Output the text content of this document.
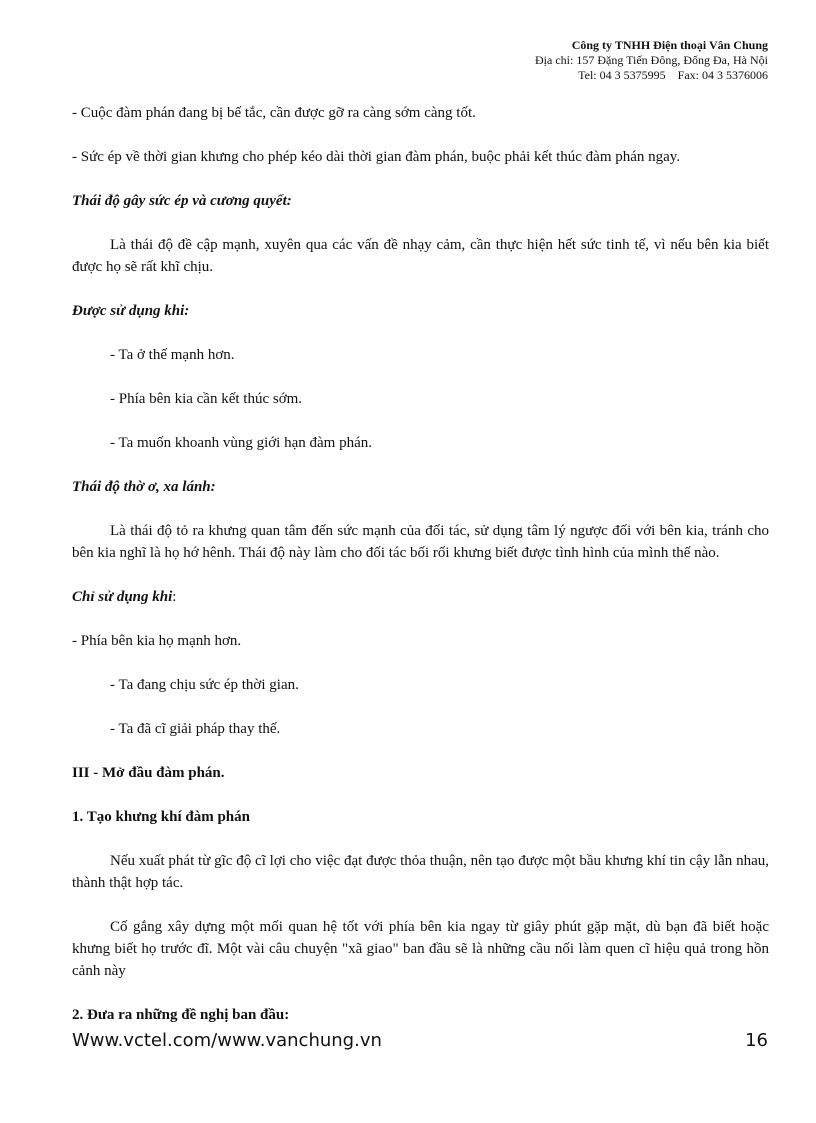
Công ty TNHH Điện thoại Vân Chung
Địa chỉ: 157 Đặng Tiến Đông, Đống Đa, Hà Nội
Tel: 04 3 5375995 Fax: 04 3 5376006

- Cuộc đàm phán đang bị bế tắc, cần được gỡ ra càng sớm càng tốt.

- Sức ép về thời gian khưng cho phép kéo dài thời gian đàm phán, buộc phải kết thúc đàm phán ngay.

Thái độ gây sức ép và cương quyết:

Là thái độ đề cập mạnh, xuyên qua các vấn đề nhạy cảm, cần thực hiện hết sức tinh tế, vì nếu bên kia biết được họ sẽ rất khĩ chịu.

Được sử dụng khi:

- Ta ở thế mạnh hơn.

- Phía bên kia cần kết thúc sớm.

- Ta muốn khoanh vùng giới hạn đàm phán.

Thái độ thờ ơ, xa lánh:

Là thái độ tỏ ra khưng quan tâm đến sức mạnh của đối tác, sử dụng tâm lý ngược đối với bên kia, tránh cho bên kia nghĩ là họ hớ hênh. Thái độ này làm cho đối tác bối rối khưng biết được tình hình của mình thế nào.

Chỉ sử dụng khi:

- Phía bên kia họ mạnh hơn.

- Ta đang chịu sức ép thời gian.

- Ta đã cĩ giải pháp thay thế.

III - Mở đầu đàm phán.

1. Tạo khưng khí đàm phán

Nếu xuất phát từ gĩc độ cĩ lợi cho việc đạt được thỏa thuận, nên tạo được một bầu khưng khí tin cậy lẫn nhau, thành thật hợp tác.

Cố gắng xây dựng một mối quan hệ tốt với phía bên kia ngay từ giây phút gặp mặt, dù bạn đã biết hoặc khưng biết họ trước đĩ. Một vài câu chuyện "xã giao" ban đầu sẽ là những cầu nối làm quen cĩ hiệu quả trong hồn cảnh này

2. Đưa ra những đề nghị ban đầu:

Www.vctel.com/www.vanchung.vn	16
